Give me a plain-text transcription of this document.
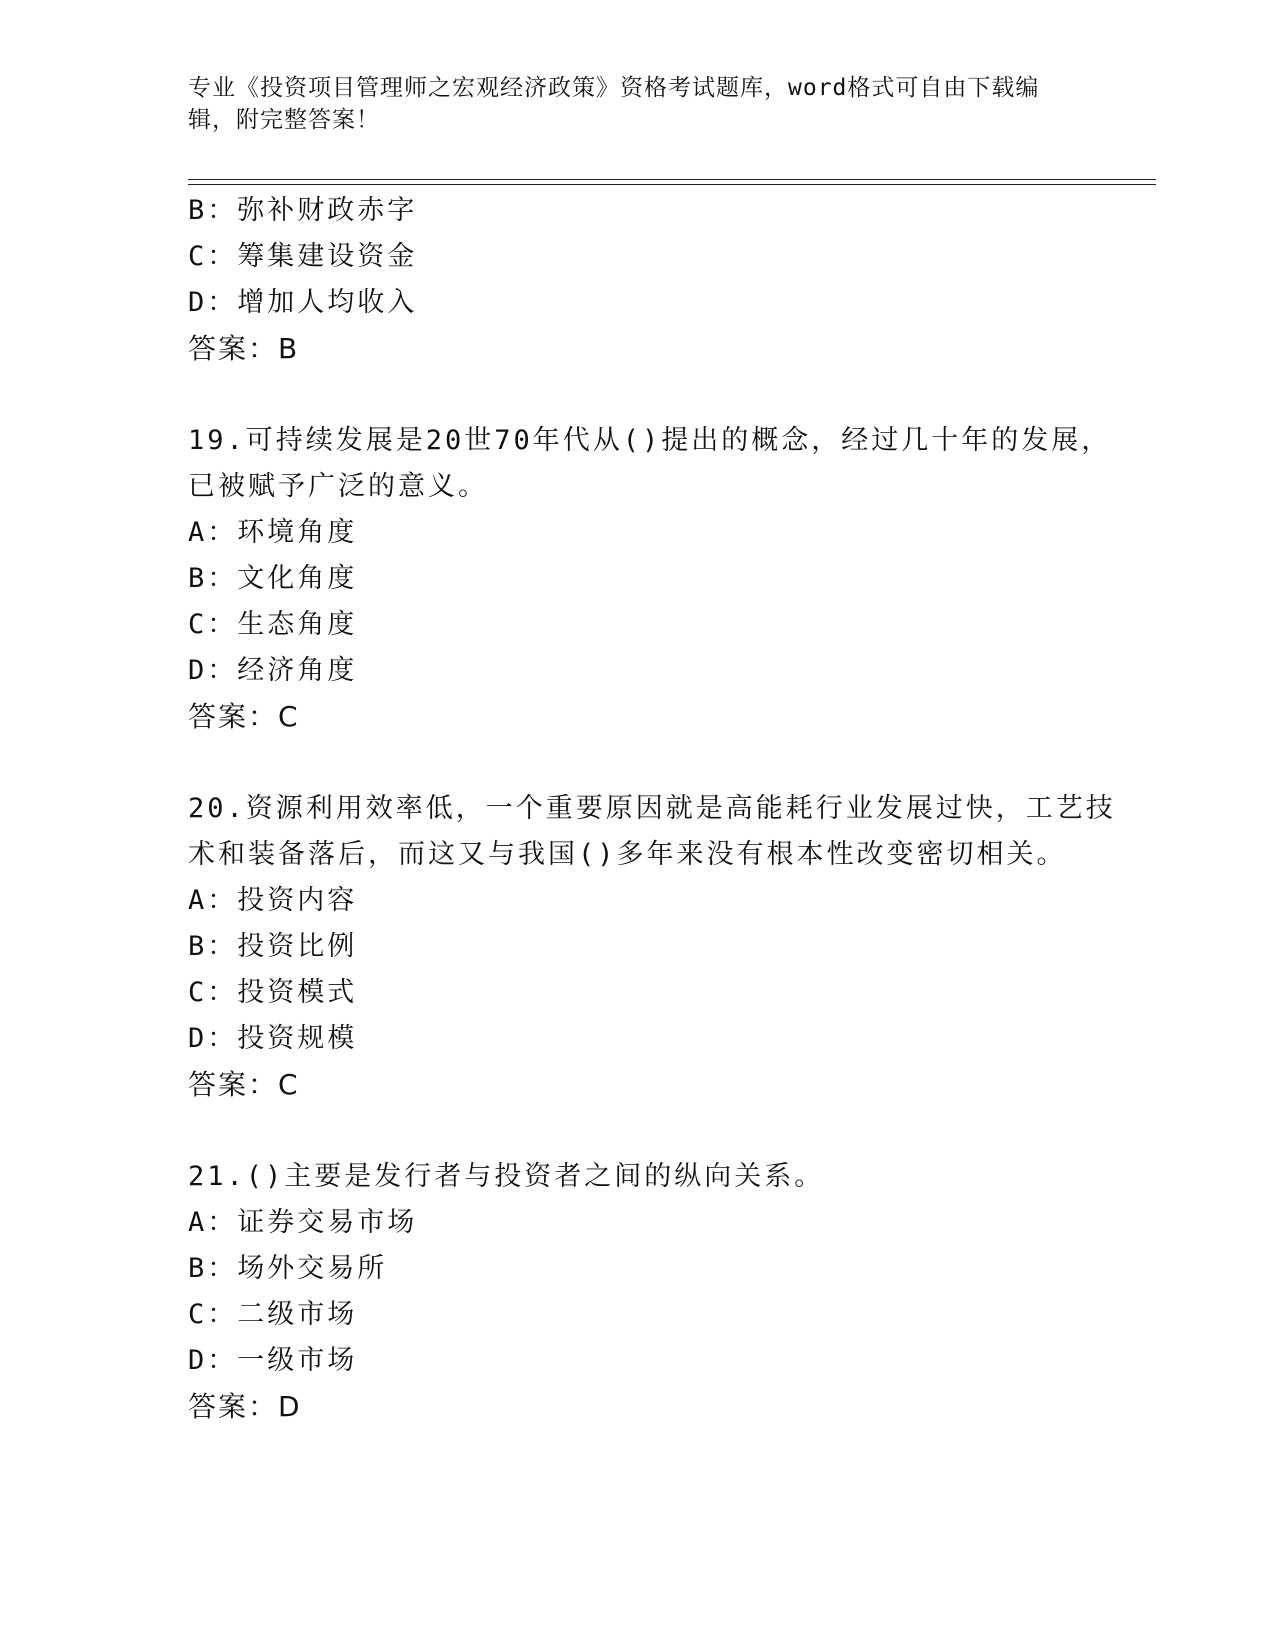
专业《投资项目管理师之宏观经济政策》资格考试题库，word格式可自由下载编
辑，附完整答案！
B：弥补财政赤字
C：筹集建设资金
D：增加人均收入
答案：B
19.可持续发展是20世70年代从()提出的概念，经过几十年的发展，
已被赋予广泛的意义。
A：环境角度
B：文化角度
C：生态角度
D：经济角度
答案：C
20.资源利用效率低，一个重要原因就是高能耗行业发展过快，工艺技
术和装备落后，而这又与我国()多年来没有根本性改变密切相关。
A：投资内容
B：投资比例
C：投资模式
D：投资规模
答案：C
21.()主要是发行者与投资者之间的纵向关系。
A：证券交易市场
B：场外交易所
C：二级市场
D：一级市场
答案：D
